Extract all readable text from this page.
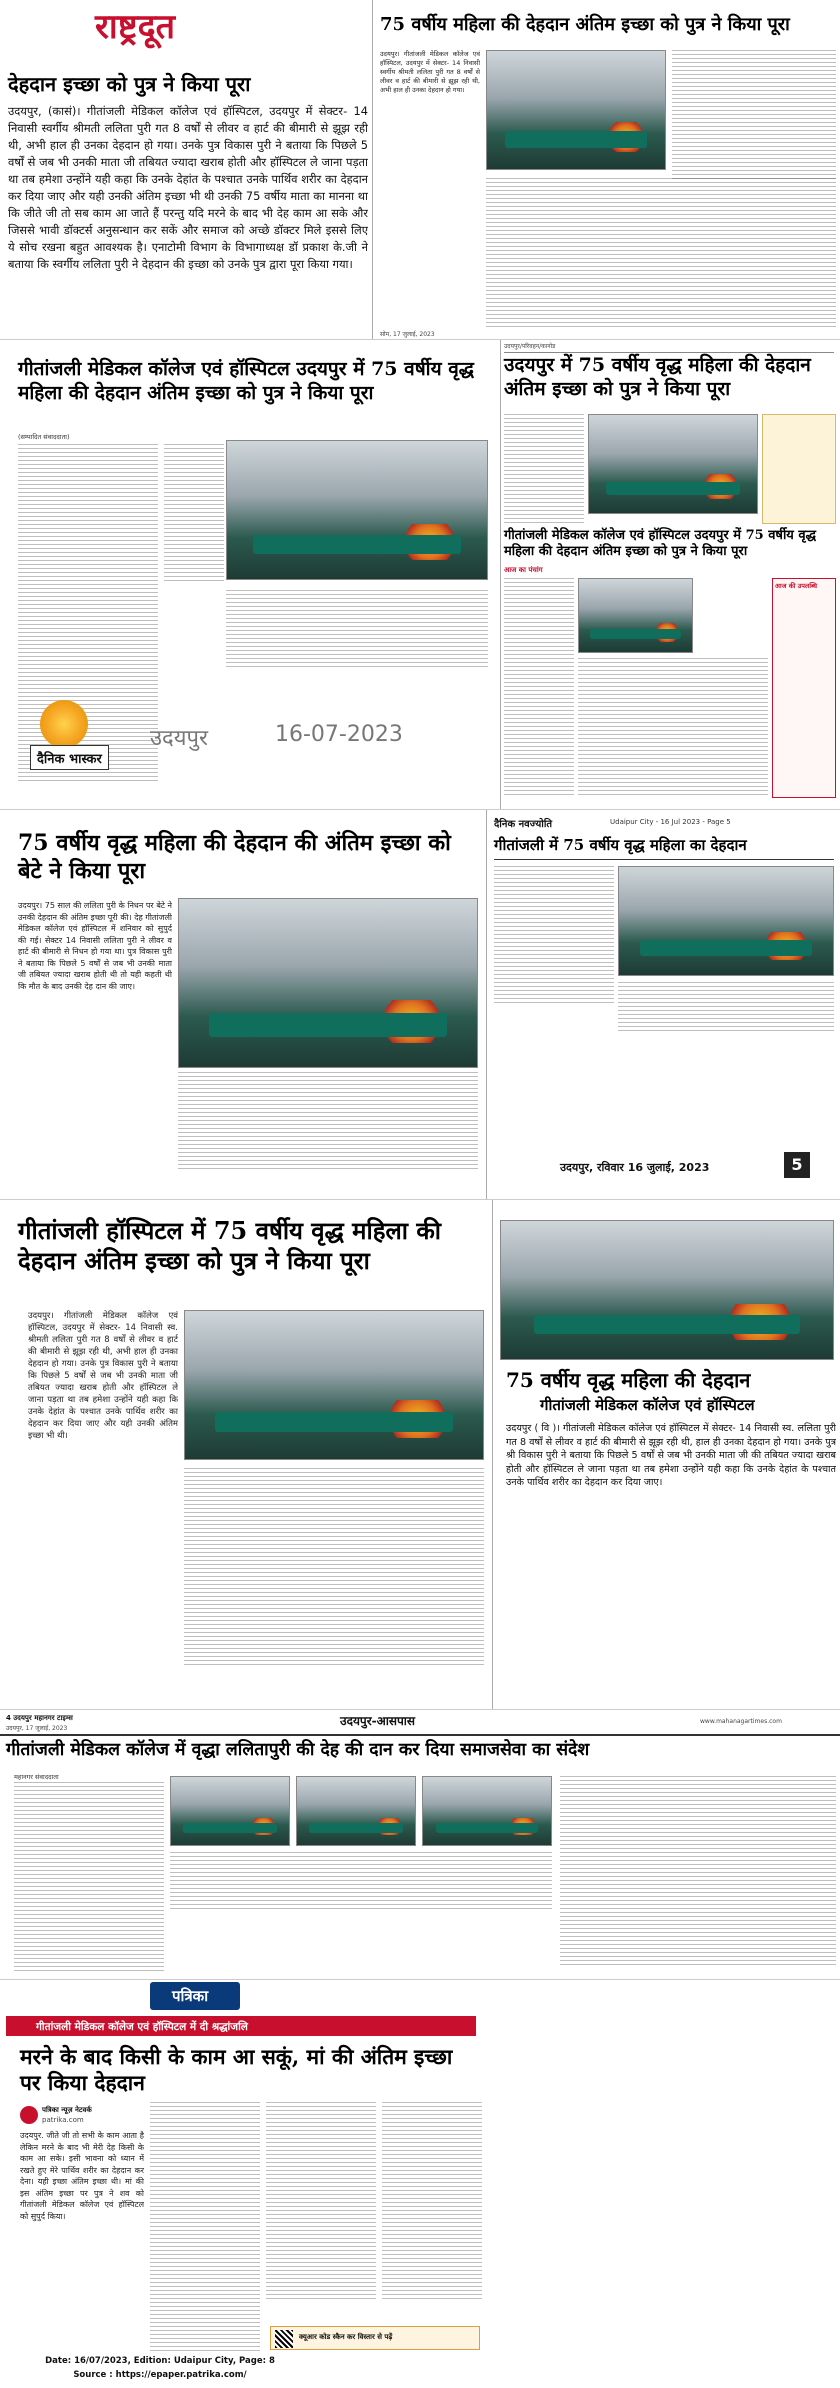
राष्ट्रदूत
देहदान इच्छा को पुत्र ने किया पूरा
उदयपुर, (कासं)। गीतांजली मेडिकल कॉलेज एवं हॉस्पिटल, उदयपुर में सेक्टर- 14 निवासी स्वर्गीय श्रीमती ललिता पुरी गत 8 वर्षों से लीवर व हार्ट की बीमारी से झूझ रही थी, अभी हाल ही उनका देहदान हो गया। उनके पुत्र विकास पुरी ने बताया कि पिछले 5 वर्षों से जब भी उनकी माता जी तबियत ज्यादा खराब होती और हॉस्पिटल ले जाना पड़ता था तब हमेशा उन्होंने यही कहा कि उनके देहांत के पश्चात उनके पार्थिव शरीर का देहदान कर दिया जाए और यही उनकी अंतिम इच्छा भी थी उनकी 75 वर्षीय माता का मानना था कि जीते जी तो सब काम आ जाते हैं परन्तु यदि मरने के बाद भी देह काम आ सके और जिससे भावी डॉक्टर्स अनुसन्धान कर सकें और समाज को अच्छे डॉक्टर मिले इससे लिए ये सोच रखना बहुत आवश्यक है। एनाटोमी विभाग के विभागाध्यक्ष डॉ प्रकाश के.जी ने बताया कि स्वर्गीय ललिता पुरी ने देहदान की इच्छा को उनके पुत्र द्वारा पूरा किया गया।
75 वर्षीय महिला की देहदान अंतिम इच्छा को पुत्र ने किया पूरा
उदयपुर। गीतांजली मेडिकल कॉलेज एवं हॉस्पिटल, उदयपुर में सेक्टर- 14 निवासी स्वर्गीय श्रीमती ललिता पुरी गत 8 वर्षों से लीवर व हार्ट की बीमारी से झूझ रही थी, अभी हाल ही उनका देहदान हो गया।
सोम, 17 जुलाई, 2023
गीतांजली मेडिकल कॉलेज एवं हॉस्पिटल उदयपुर में 75 वर्षीय वृद्ध महिला की देहदान अंतिम इच्छा को पुत्र ने किया पूरा
(सम्पादित संवाददाता)
दैनिक भास्कर
उदयपुर	16-07-2023
उदयपुर/परिवहन/कानोड
उदयपुर में 75 वर्षीय वृद्ध महिला की देहदान अंतिम इच्छा को पुत्र ने किया पूरा
गीतांजली मेडिकल कॉलेज एवं हॉस्पिटल उदयपुर में 75 वर्षीय वृद्ध महिला की देहदान अंतिम इच्छा को पुत्र ने किया पूरा
आज का पंचांग
आज की उपलब्धि
75 वर्षीय वृद्ध महिला की देहदान की अंतिम इच्छा को बेटे ने किया पूरा
उदयपुर। 75 साल की ललिता पुरी के निधन पर बेटे ने उनकी देहदान की अंतिम इच्छा पूरी की। देह गीतांजली मेडिकल कॉलेज एवं हॉस्पिटल में शनिवार को सुपुर्द की गई। सेक्टर 14 निवासी ललिता पुरी ने लीवर व हार्ट की बीमारी से निधन हो गया था। पुत्र विकास पुरी ने बताया कि पिछले 5 वर्षों से जब भी उनकी माता जी तबियत ज्यादा खराब होती थी तो यही कहती थी कि मौत के बाद उनकी देह दान की जाए।
दैनिक नवज्योति	Udaipur City - 16 Jul 2023 - Page 5
गीतांजली में 75 वर्षीय वृद्ध महिला का देहदान
उदयपुर, रविवार 16 जुलाई, 2023	5
गीतांजली हॉस्पिटल में 75 वर्षीय वृद्ध महिला की देहदान अंतिम इच्छा को पुत्र ने किया पूरा
उदयपुर। गीतांजली मेडिकल कॉलेज एवं हॉस्पिटल, उदयपुर में सेक्टर- 14 निवासी स्व. श्रीमती ललिता पुरी गत 8 वर्षों से लीवर व हार्ट की बीमारी से झूझ रही थी, अभी हाल ही उनका देहदान हो गया। उनके पुत्र विकास पुरी ने बताया कि पिछले 5 वर्षों से जब भी उनकी माता जी तबियत ज्यादा खराब होती और हॉस्पिटल ले जाना पड़ता था तब हमेशा उन्होंने यही कहा कि उनके देहांत के पश्चात उनके पार्थिव शरीर का देहदान कर दिया जाए और यही उनकी अंतिम इच्छा भी थी।
75 वर्षीय वृद्ध महिला की देहदान
गीतांजली मेडिकल कॉलेज एवं हॉस्पिटल
उदयपुर ( वि )। गीतांजली मेडिकल कॉलेज एवं हॉस्पिटल में सेक्टर- 14 निवासी स्व. ललिता पुरी गत 8 वर्षों से लीवर व हार्ट की बीमारी से झूझ रही थी, हाल ही उनका देहदान हो गया। उनके पुत्र श्री विकास पुरी ने बताया कि पिछले 5 वर्षों से जब भी उनकी माता जी की तबियत ज्यादा खराब होती और हॉस्पिटल ले जाना पड़ता था तब हमेशा उन्होंने यही कहा कि उनके देहांत के पश्चात उनके पार्थिव शरीर का देहदान कर दिया जाए।
4 उदयपुर महानगर टाइम्स
उदयपुर, 17 जुलाई, 2023
उदयपुर-आसपास	www.mahanagartimes.com
गीतांजली मेडिकल कॉलेज में वृद्धा ललितापुरी की देह की दान कर दिया समाजसेवा का संदेश
महानगर संवाददाता
पत्रिका
गीतांजली मेडिकल कॉलेज एवं हॉस्पिटल में दी श्रद्धांजलि
मरने के बाद किसी के काम आ सकूं, मां की अंतिम इच्छा पर किया देहदान
पत्रिका न्यूज़ नेटवर्क
patrika.com
उदयपुर. जीते जी तो सभी के काम आता है लेकिन मरने के बाद भी मेरी देह किसी के काम आ सके। इसी भावना को ध्यान में रखते हुए मेरे पार्थिव शरीर का देहदान कर देना। यही इच्छा अंतिम इच्छा थी। मां की इस अंतिम इच्छा पर पुत्र ने शव को गीतांजली मेडिकल कॉलेज एवं हॉस्पिटल को सुपुर्द किया।
क्यूआर कोड स्कैन कर विस्तार से पढ़ें
Date: 16/07/2023, Edition: Udaipur City, Page: 8
Source : https://epaper.patrika.com/
